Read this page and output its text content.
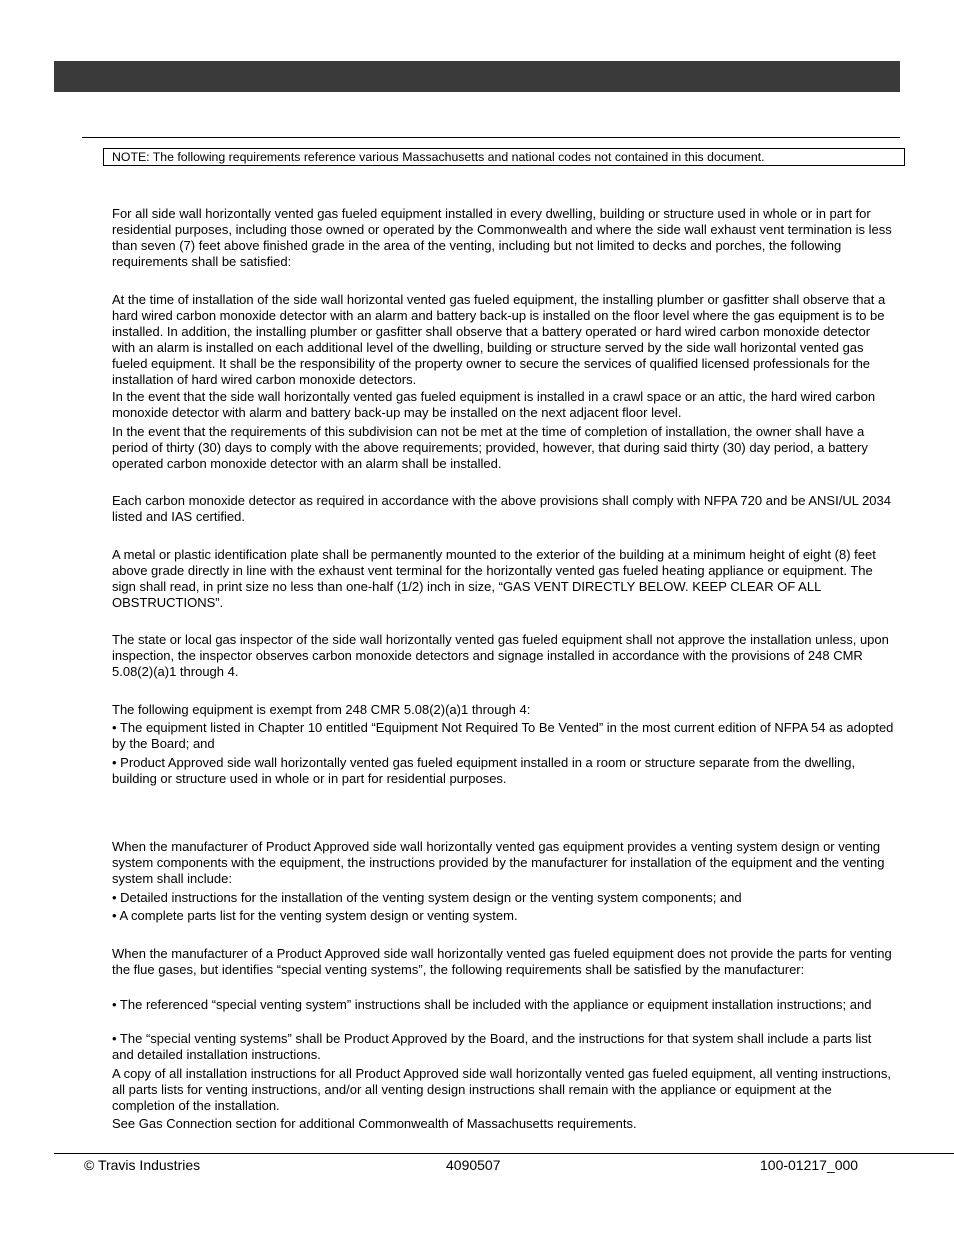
NOTE: The following requirements reference various Massachusetts and national codes not contained in this document.

For all side wall horizontally vented gas fueled equipment installed in every dwelling, building or structure used in whole or in part for residential purposes, including those owned or operated by the Commonwealth and where the side wall exhaust vent termination is less than seven (7) feet above finished grade in the area of the venting, including but not limited to decks and porches, the following requirements shall be satisfied:

At the time of installation of the side wall horizontal vented gas fueled equipment, the installing plumber or gasfitter shall observe that a hard wired carbon monoxide detector with an alarm and battery back-up is installed on the floor level where the gas equipment is to be installed. In addition, the installing plumber or gasfitter shall observe that a battery operated or hard wired carbon monoxide detector with an alarm is installed on each additional level of the dwelling, building or structure served by the side wall horizontal vented gas fueled equipment. It shall be the responsibility of the property owner to secure the services of qualified licensed professionals for the installation of hard wired carbon monoxide detectors.

In the event that the side wall horizontally vented gas fueled equipment is installed in a crawl space or an attic, the hard wired carbon monoxide detector with alarm and battery back-up may be installed on the next adjacent floor level.

In the event that the requirements of this subdivision can not be met at the time of completion of installation, the owner shall have a period of thirty (30) days to comply with the above requirements; provided, however, that during said thirty (30) day period, a battery operated carbon monoxide detector with an alarm shall be installed.

Each carbon monoxide detector as required in accordance with the above provisions shall comply with NFPA 720 and be ANSI/UL 2034 listed and IAS certified.

A metal or plastic identification plate shall be permanently mounted to the exterior of the building at a minimum height of eight (8) feet above grade directly in line with the exhaust vent terminal for the horizontally vented gas fueled heating appliance or equipment. The sign shall read, in print size no less than one-half (1/2) inch in size, “GAS VENT DIRECTLY BELOW. KEEP CLEAR OF ALL OBSTRUCTIONS”.

The state or local gas inspector of the side wall horizontally vented gas fueled equipment shall not approve the installation unless, upon inspection, the inspector observes carbon monoxide detectors and signage installed in accordance with the provisions of 248 CMR 5.08(2)(a)1 through 4.

The following equipment is exempt from 248 CMR 5.08(2)(a)1 through 4:

• The equipment listed in Chapter 10 entitled “Equipment Not Required To Be Vented” in the most current edition of NFPA 54 as adopted by the Board; and

• Product Approved side wall horizontally vented gas fueled equipment installed in a room or structure separate from the dwelling, building or structure used in whole or in part for residential purposes.

When the manufacturer of Product Approved side wall horizontally vented gas equipment provides a venting system design or venting system components with the equipment, the instructions provided by the manufacturer for installation of the equipment and the venting system shall include:

• Detailed instructions for the installation of the venting system design or the venting system components; and

• A complete parts list for the venting system design or venting system.

When the manufacturer of a Product Approved side wall horizontally vented gas fueled equipment does not provide the parts for venting the flue gases, but identifies “special venting systems”, the following requirements shall be satisfied by the manufacturer:

• The referenced “special venting system” instructions shall be included with the appliance or equipment installation instructions; and

• The “special venting systems” shall be Product Approved by the Board, and the instructions for that system shall include a parts list and detailed installation instructions.

A copy of all installation instructions for all Product Approved side wall horizontally vented gas fueled equipment, all venting instructions, all parts lists for venting instructions, and/or all venting design instructions shall remain with the appliance or equipment at the completion of the installation.

See Gas Connection section for additional Commonwealth of Massachusetts requirements.

© Travis Industries	4090507	100-01217_000
